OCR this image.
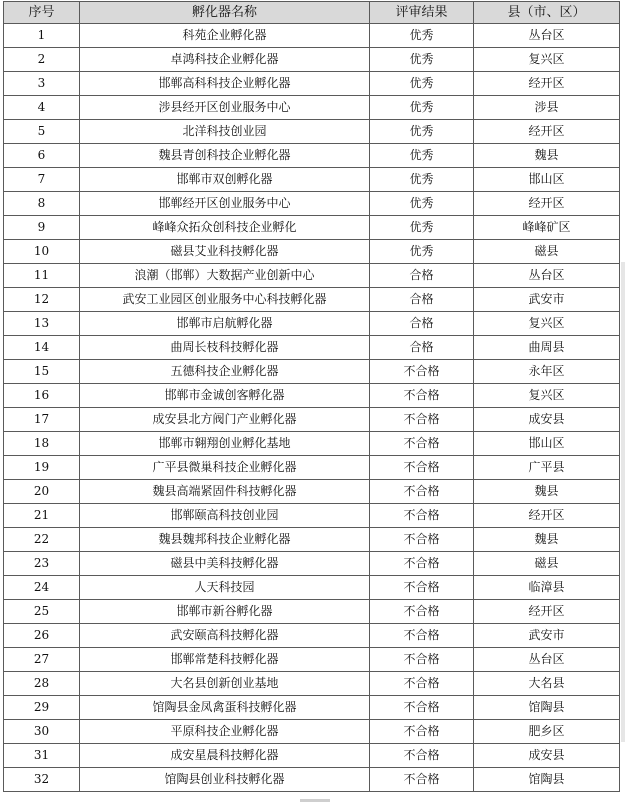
序号	孵化器名称	评审结果	县（市、区）
1	科苑企业孵化器	优秀	丛台区
2	卓鸿科技企业孵化器	优秀	复兴区
3	邯郸高科科技企业孵化器	优秀	经开区
4	涉县经开区创业服务中心	优秀	涉县
5	北洋科技创业园	优秀	经开区
6	魏县青创科技企业孵化器	优秀	魏县
7	邯郸市双创孵化器	优秀	邯山区
8	邯郸经开区创业服务中心	优秀	经开区
9	峰峰众拓众创科技企业孵化	优秀	峰峰矿区
10	磁县艾业科技孵化器	优秀	磁县
11	浪潮（邯郸）大数据产业创新中心	合格	丛台区
12	武安工业园区创业服务中心科技孵化器	合格	武安市
13	邯郸市启航孵化器	合格	复兴区
14	曲周长枝科技孵化器	合格	曲周县
15	五德科技企业孵化器	不合格	永年区
16	邯郸市金诚创客孵化器	不合格	复兴区
17	成安县北方阀门产业孵化器	不合格	成安县
18	邯郸市翱翔创业孵化基地	不合格	邯山区
19	广平县微巢科技企业孵化器	不合格	广平县
20	魏县高端紧固件科技孵化器	不合格	魏县
21	邯郸颐高科技创业园	不合格	经开区
22	魏县魏邦科技企业孵化器	不合格	魏县
23	磁县中美科技孵化器	不合格	磁县
24	人天科技园	不合格	临漳县
25	邯郸市新谷孵化器	不合格	经开区
26	武安颐高科技孵化器	不合格	武安市
27	邯郸常楚科技孵化器	不合格	丛台区
28	大名县创新创业基地	不合格	大名县
29	馆陶县金凤禽蛋科技孵化器	不合格	馆陶县
30	平原科技企业孵化器	不合格	肥乡区
31	成安星晨科技孵化器	不合格	成安县
32	馆陶县创业科技孵化器	不合格	馆陶县
